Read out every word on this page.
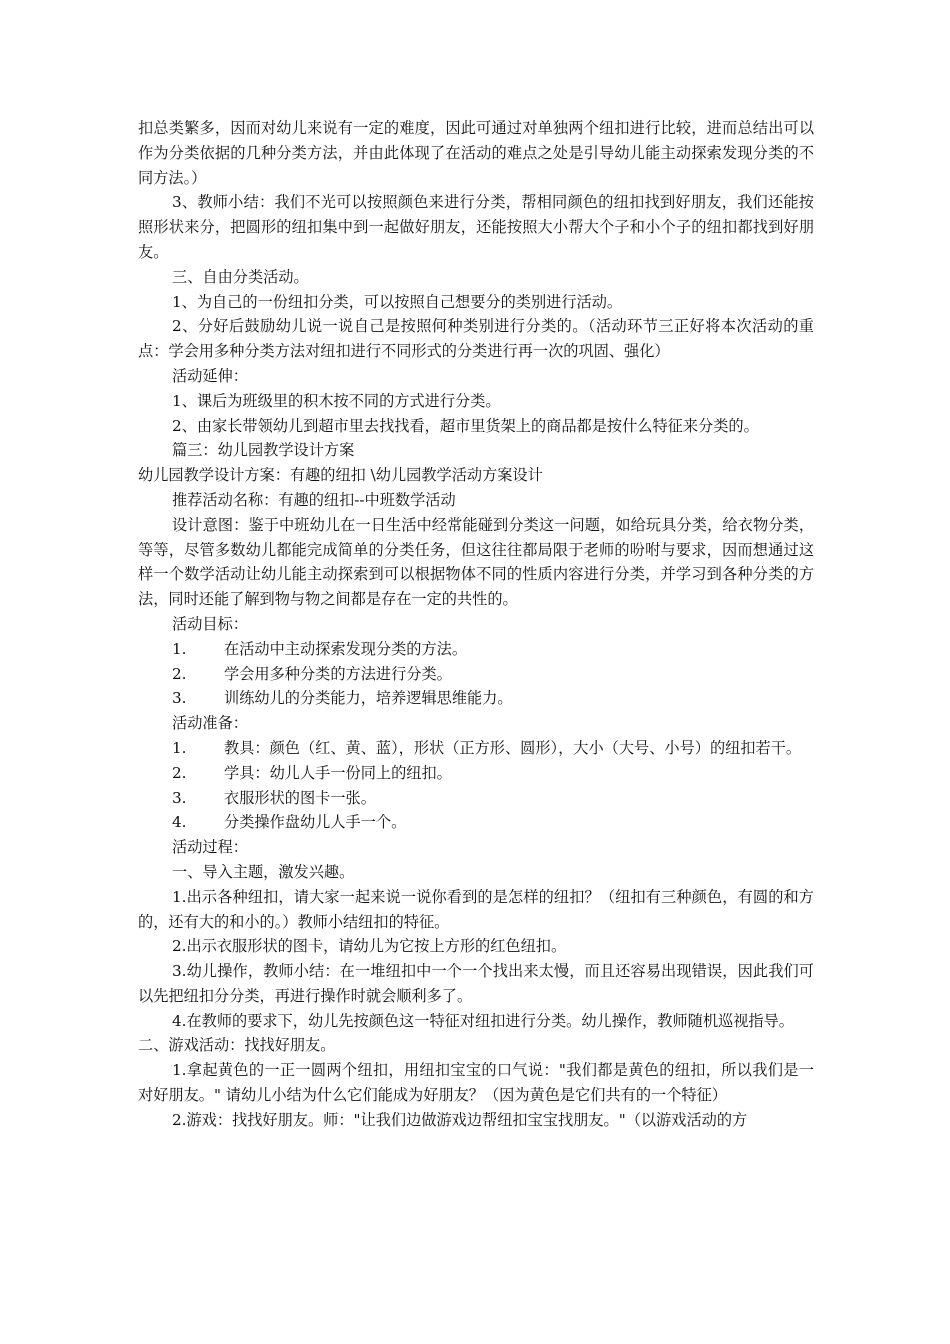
扣总类繁多，因而对幼儿来说有一定的难度，因此可通过对单独两个纽扣进行比较，进而总结出可以作为分类依据的几种分类方法，并由此体现了在活动的难点之处是引导幼儿能主动探索发现分类的不同方法。）

3、教师小结：我们不光可以按照颜色来进行分类，帮相同颜色的纽扣找到好朋友，我们还能按照形状来分，把圆形的纽扣集中到一起做好朋友，还能按照大小帮大个子和小个子的纽扣都找到好朋友。

三、自由分类活动。

1、为自己的一份纽扣分类，可以按照自己想要分的类别进行活动。

2、分好后鼓励幼儿说一说自己是按照何种类别进行分类的。（活动环节三正好将本次活动的重点：学会用多种分类方法对纽扣进行不同形式的分类进行再一次的巩固、强化）

活动延伸：

1、课后为班级里的积木按不同的方式进行分类。

2、由家长带领幼儿到超市里去找找看，超市里货架上的商品都是按什么特征来分类的。

篇三：幼儿园教学设计方案

幼儿园教学设计方案：有趣的纽扣 \幼儿园教学活动方案设计

推荐活动名称：有趣的纽扣--中班数学活动

设计意图：鉴于中班幼儿在一日生活中经常能碰到分类这一问题，如给玩具分类，给衣物分类，等等，尽管多数幼儿都能完成简单的分类任务，但这往往都局限于老师的吩咐与要求，因而想通过这样一个数学活动让幼儿能主动探索到可以根据物体不同的性质内容进行分类，并学习到各种分类的方法，同时还能了解到物与物之间都是存在一定的共性的。

活动目标：

1. 在活动中主动探索发现分类的方法。

2. 学会用多种分类的方法进行分类。

3. 训练幼儿的分类能力，培养逻辑思维能力。

活动准备：

1. 教具：颜色（红、黄、蓝），形状（正方形、圆形），大小（大号、小号）的纽扣若干。

2. 学具：幼儿人手一份同上的纽扣。

3. 衣服形状的图卡一张。

4. 分类操作盘幼儿人手一个。

活动过程：

一、导入主题，激发兴趣。

1.出示各种纽扣，请大家一起来说一说你看到的是怎样的纽扣？（纽扣有三种颜色，有圆的和方的，还有大的和小的。）教师小结纽扣的特征。

2.出示衣服形状的图卡，请幼儿为它按上方形的红色纽扣。

3.幼儿操作，教师小结：在一堆纽扣中一个一个找出来太慢，而且还容易出现错误，因此我们可以先把纽扣分分类，再进行操作时就会顺利多了。

4.在教师的要求下，幼儿先按颜色这一特征对纽扣进行分类。幼儿操作，教师随机巡视指导。

二、游戏活动：找找好朋友。

1.拿起黄色的一正一圆两个纽扣，用纽扣宝宝的口气说："我们都是黄色的纽扣，所以我们是一对好朋友。" 请幼儿小结为什么它们能成为好朋友？（因为黄色是它们共有的一个特征）

2.游戏：找找好朋友。师："让我们边做游戏边帮纽扣宝宝找朋友。"（以游戏活动的方
